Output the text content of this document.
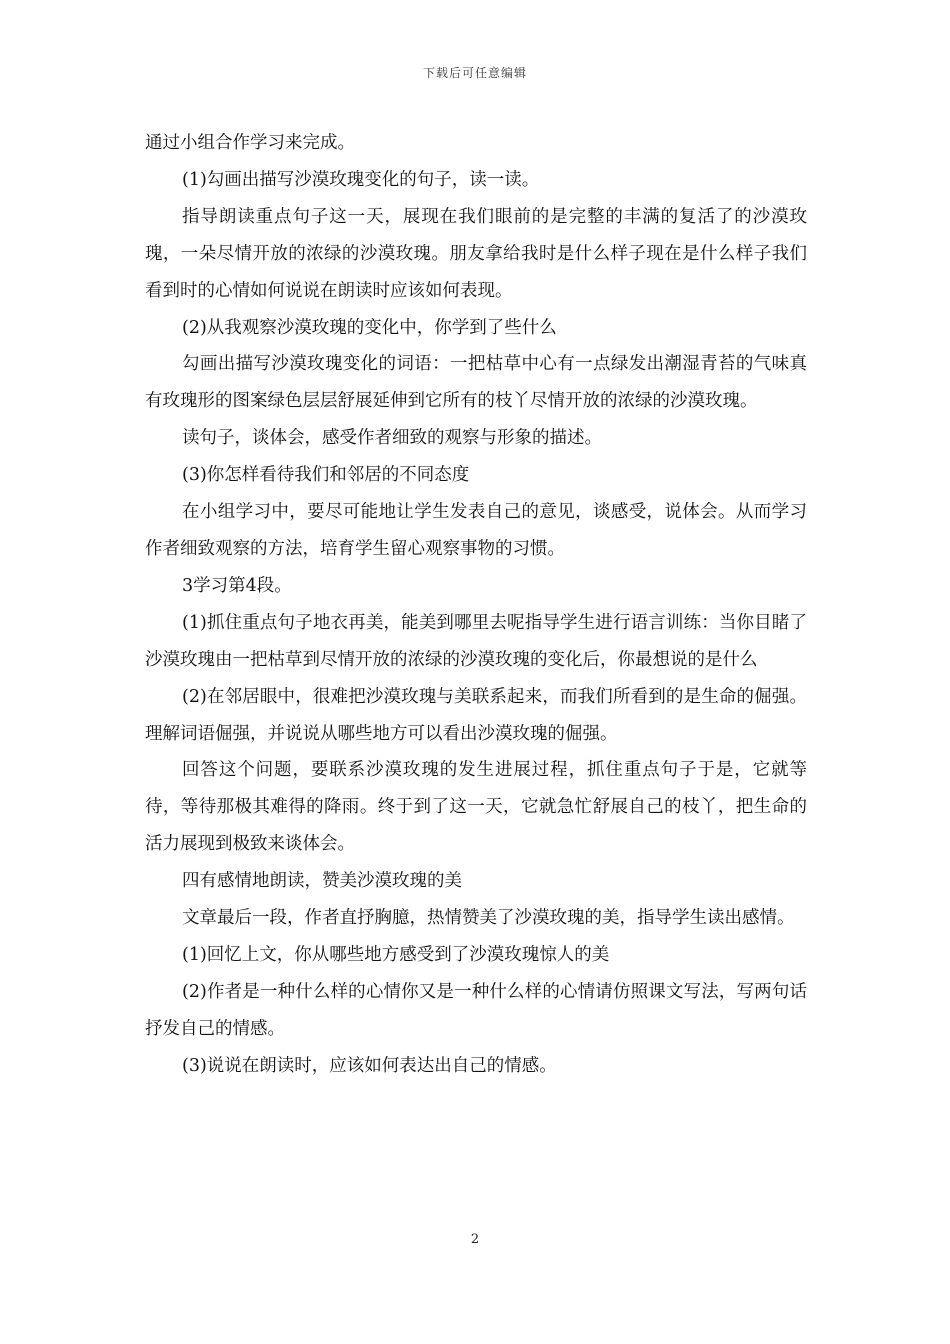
下载后可任意编辑

通过小组合作学习来完成。

(1)勾画出描写沙漠玫瑰变化的句子，读一读。

指导朗读重点句子这一天，展现在我们眼前的是完整的丰满的复活了的沙漠玫瑰，一朵尽情开放的浓绿的沙漠玫瑰。朋友拿给我时是什么样子现在是什么样子我们看到时的心情如何说说在朗读时应该如何表现。

(2)从我观察沙漠玫瑰的变化中，你学到了些什么

勾画出描写沙漠玫瑰变化的词语：一把枯草中心有一点绿发出潮湿青苔的气味真有玫瑰形的图案绿色层层舒展延伸到它所有的枝丫尽情开放的浓绿的沙漠玫瑰。

读句子，谈体会，感受作者细致的观察与形象的描述。

(3)你怎样看待我们和邻居的不同态度

在小组学习中，要尽可能地让学生发表自己的意见，谈感受，说体会。从而学习作者细致观察的方法，培育学生留心观察事物的习惯。

3学习第4段。

(1)抓住重点句子地衣再美，能美到哪里去呢指导学生进行语言训练：当你目睹了沙漠玫瑰由一把枯草到尽情开放的浓绿的沙漠玫瑰的变化后，你最想说的是什么

(2)在邻居眼中，很难把沙漠玫瑰与美联系起来，而我们所看到的是生命的倔强。理解词语倔强，并说说从哪些地方可以看出沙漠玫瑰的倔强。

回答这个问题，要联系沙漠玫瑰的发生进展过程，抓住重点句子于是，它就等待，等待那极其难得的降雨。终于到了这一天，它就急忙舒展自己的枝丫，把生命的活力展现到极致来谈体会。

四有感情地朗读，赞美沙漠玫瑰的美

文章最后一段，作者直抒胸臆，热情赞美了沙漠玫瑰的美，指导学生读出感情。

(1)回忆上文，你从哪些地方感受到了沙漠玫瑰惊人的美

(2)作者是一种什么样的心情你又是一种什么样的心情请仿照课文写法，写两句话抒发自己的情感。

(3)说说在朗读时，应该如何表达出自己的情感。

2
